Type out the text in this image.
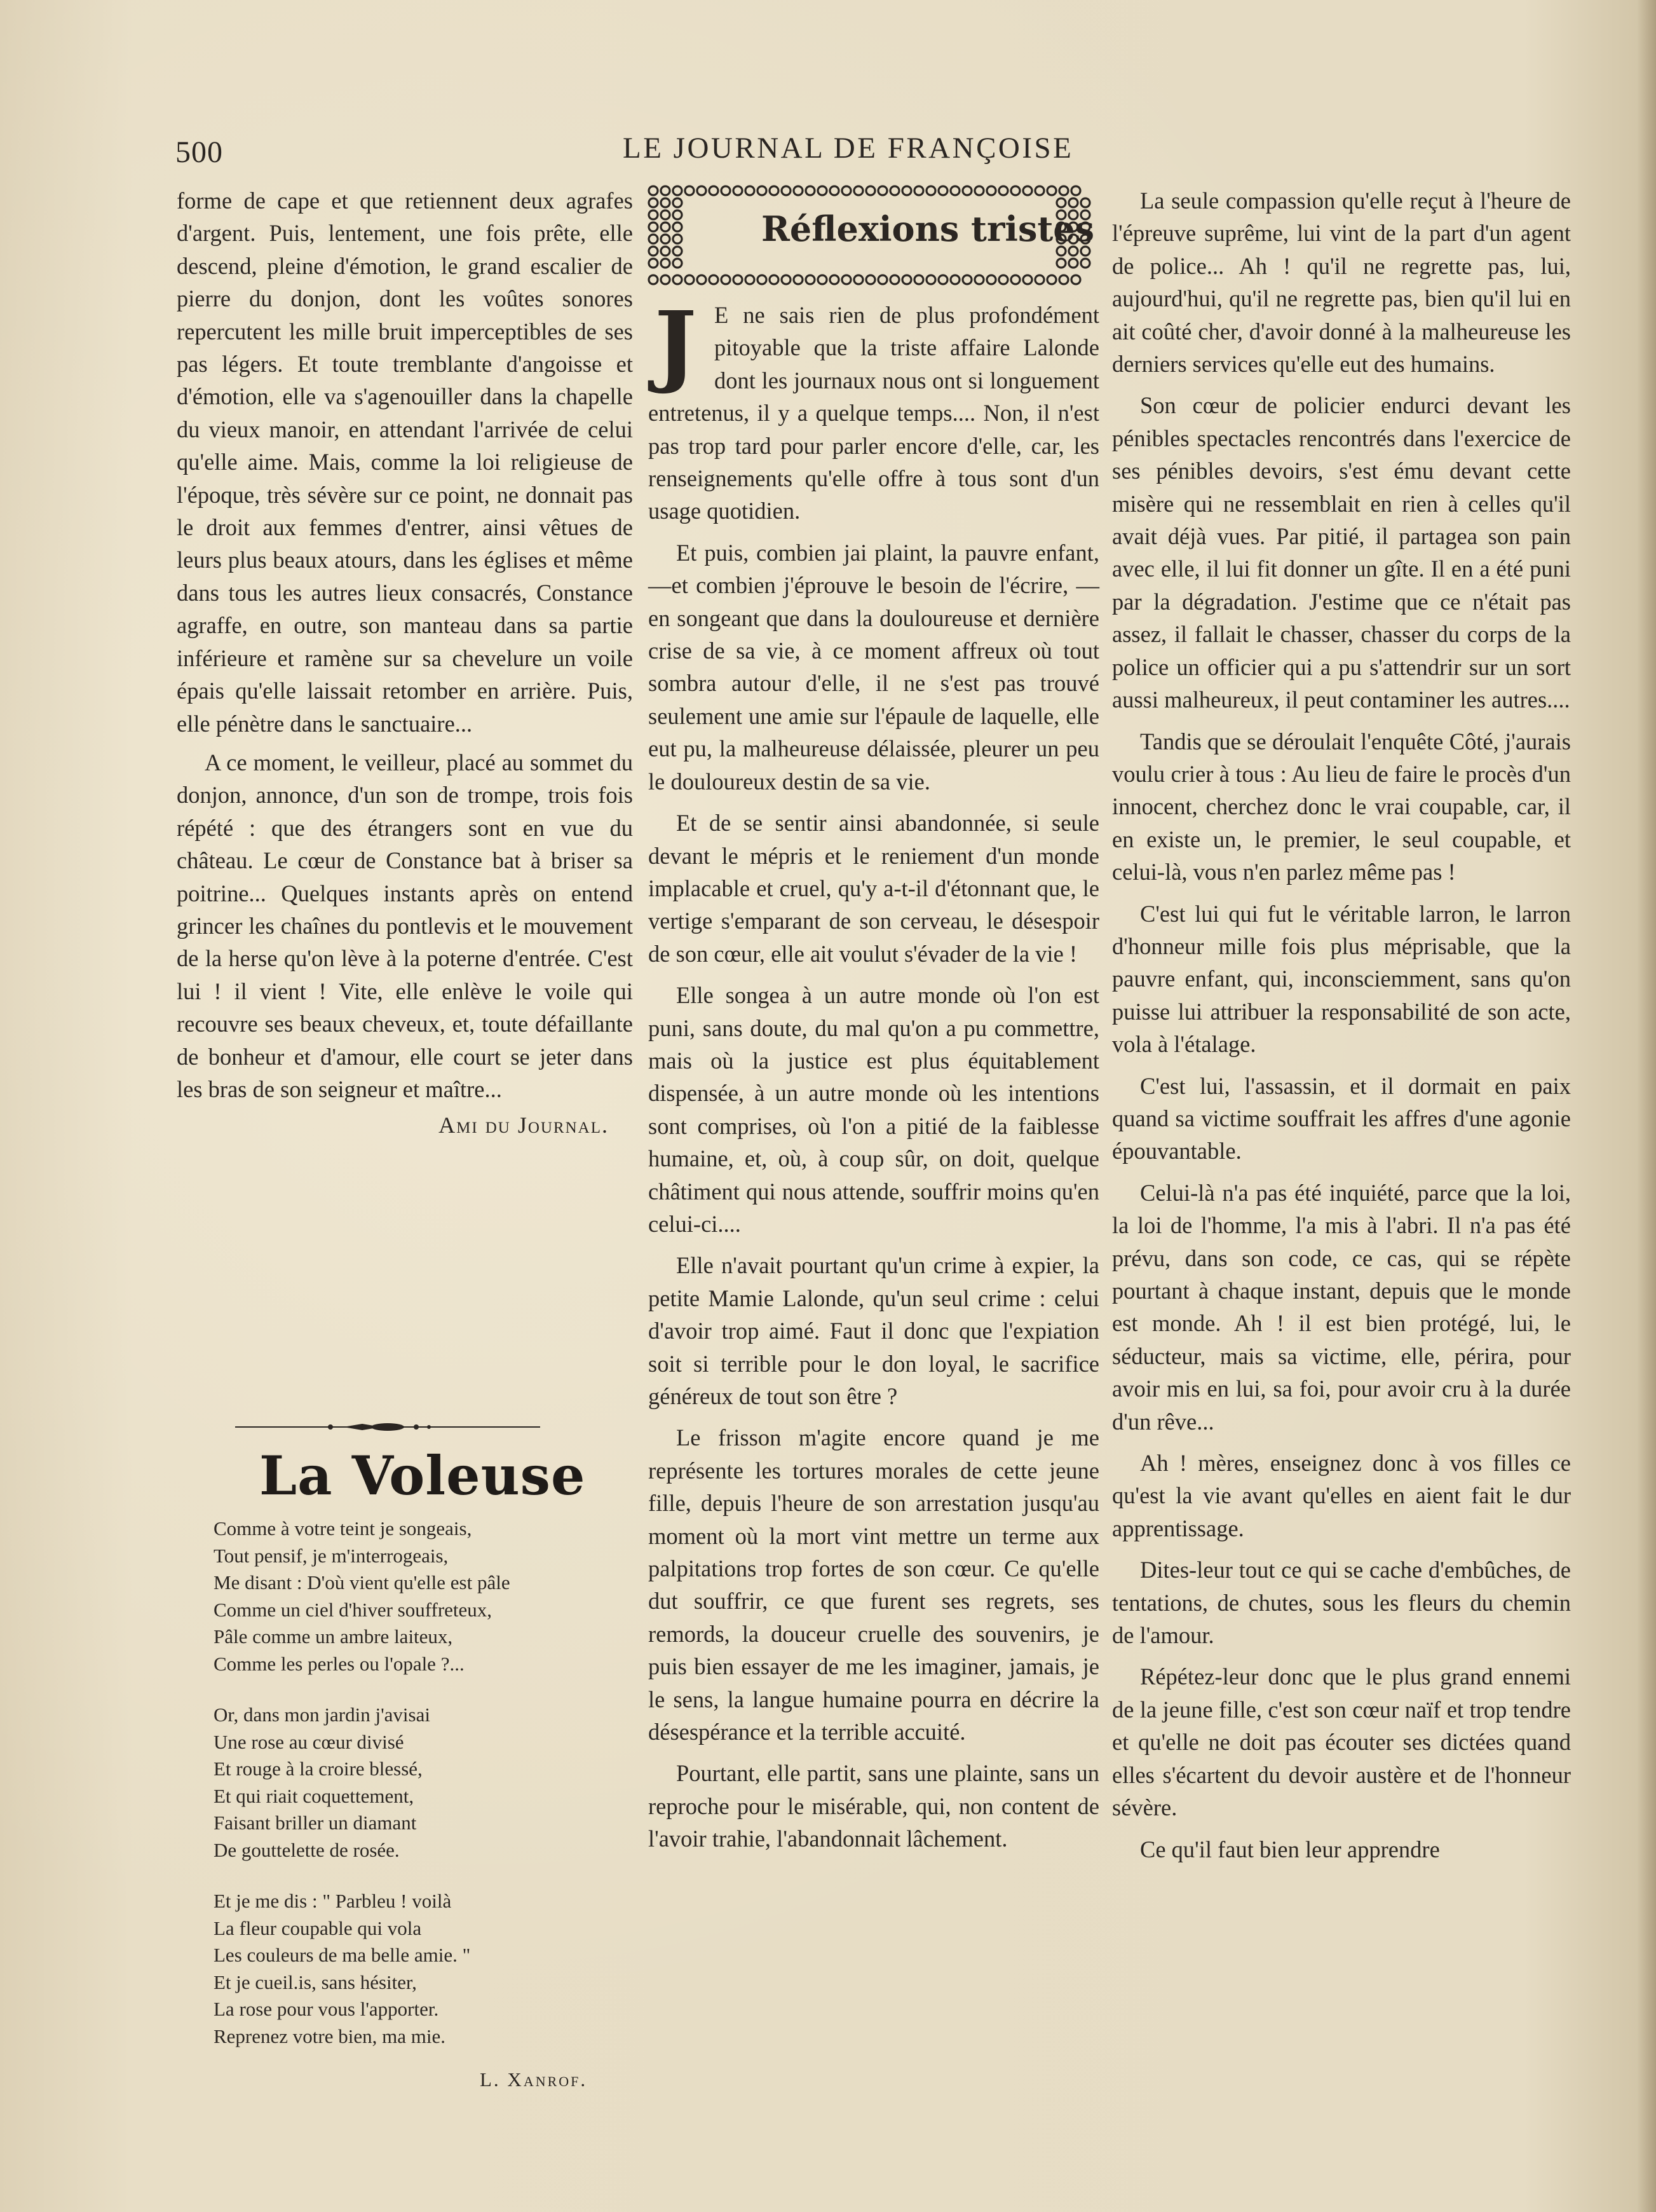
500	LE JOURNAL DE FRANÇOISE

forme de cape et que retiennent deux agrafes d'argent. Puis, lentement, une fois prête, elle descend, pleine d'émotion, le grand escalier de pierre du donjon, dont les voûtes sonores repercutent les mille bruit imperceptibles de ses pas légers. Et toute tremblante d'angoisse et d'émotion, elle va s'agenouiller dans la chapelle du vieux manoir, en attendant l'arrivée de celui qu'elle aime. Mais, comme la loi religieuse de l'époque, très sévère sur ce point, ne donnait pas le droit aux femmes d'entrer, ainsi vêtues de leurs plus beaux atours, dans les églises et même dans tous les autres lieux consacrés, Constance agraffe, en outre, son manteau dans sa partie inférieure et ramène sur sa chevelure un voile épais qu'elle laissait retomber en arrière. Puis, elle pénètre dans le sanctuaire...

A ce moment, le veilleur, placé au sommet du donjon, annonce, d'un son de trompe, trois fois répété : que des étrangers sont en vue du château. Le cœur de Constance bat à briser sa poitrine... Quelques instants après on entend grincer les chaînes du pontlevis et le mouvement de la herse qu'on lève à la poterne d'entrée. C'est lui ! il vient ! Vite, elle enlève le voile qui recouvre ses beaux cheveux, et, toute défaillante de bonheur et d'amour, elle court se jeter dans les bras de son seigneur et maître...

Ami du Journal.
La Voleuse
Comme à votre teint je songeais,
Tout pensif, je m'interrogeais,
Me disant : D'où vient qu'elle est pâle
Comme un ciel d'hiver souffreteux,
Pâle comme un ambre laiteux,
Comme les perles ou l'opale ?...
Or, dans mon jardin j'avisai
Une rose au cœur divisé
Et rouge à la croire blessé,
Et qui riait coquettement,
Faisant briller un diamant
De gouttelette de rosée.
Et je me dis : " Parbleu ! voilà
La fleur coupable qui vola
Les couleurs de ma belle amie. "
Et je cueil.is, sans hésiter,
La rose pour vous l'apporter.
Reprenez votre bien, ma mie.
L. Xanrof.
Réflexions tristes

J E ne sais rien de plus profondément pitoyable que la triste affaire Lalonde dont les journaux nous ont si longuement entretenus, il y a quelque temps.... Non, il n'est pas trop tard pour parler encore d'elle, car, les renseignements qu'elle offre à tous sont d'un usage quotidien.

Et puis, combien jai plaint, la pauvre enfant,—et combien j'éprouve le besoin de l'écrire, —en songeant que dans la douloureuse et dernière crise de sa vie, à ce moment affreux où tout sombra autour d'elle, il ne s'est pas trouvé seulement une amie sur l'épaule de laquelle, elle eut pu, la malheureuse délaissée, pleurer un peu le douloureux destin de sa vie.

Et de se sentir ainsi abandonnée, si seule devant le mépris et le reniement d'un monde implacable et cruel, qu'y a-t-il d'étonnant que, le vertige s'emparant de son cerveau, le désespoir de son cœur, elle ait voulut s'évader de la vie !

Elle songea à un autre monde où l'on est puni, sans doute, du mal qu'on a pu commettre, mais où la justice est plus équitablement dispensée, à un autre monde où les intentions sont comprises, où l'on a pitié de la faiblesse humaine, et, où, à coup sûr, on doit, quelque châtiment qui nous attende, souffrir moins qu'en celui-ci....

Elle n'avait pourtant qu'un crime à expier, la petite Mamie Lalonde, qu'un seul crime : celui d'avoir trop aimé. Faut il donc que l'expiation soit si terrible pour le don loyal, le sacrifice généreux de tout son être ?

Le frisson m'agite encore quand je me représente les tortures morales de cette jeune fille, depuis l'heure de son arrestation jusqu'au moment où la mort vint mettre un terme aux palpitations trop fortes de son cœur. Ce qu'elle dut souffrir, ce que furent ses regrets, ses remords, la douceur cruelle des souvenirs, je puis bien essayer de me les imaginer, jamais, je le sens, la langue humaine pourra en décrire la désespérance et la terrible accuité.

Pourtant, elle partit, sans une plainte, sans un reproche pour le misérable, qui, non content de l'avoir trahie, l'abandonnait lâchement.

La seule compassion qu'elle reçut à l'heure de l'épreuve suprême, lui vint de la part d'un agent de police... Ah ! qu'il ne regrette pas, lui, aujourd'hui, qu'il ne regrette pas, bien qu'il lui en ait coûté cher, d'avoir donné à la malheureuse les derniers services qu'elle eut des humains.

Son cœur de policier endurci devant les pénibles spectacles rencontrés dans l'exercice de ses pénibles devoirs, s'est ému devant cette misère qui ne ressemblait en rien à celles qu'il avait déjà vues. Par pitié, il partagea son pain avec elle, il lui fit donner un gîte. Il en a été puni par la dégradation. J'estime que ce n'était pas assez, il fallait le chasser, chasser du corps de la police un officier qui a pu s'attendrir sur un sort aussi malheureux, il peut contaminer les autres....

Tandis que se déroulait l'enquête Côté, j'aurais voulu crier à tous : Au lieu de faire le procès d'un innocent, cherchez donc le vrai coupable, car, il en existe un, le premier, le seul coupable, et celui-là, vous n'en parlez même pas !

C'est lui qui fut le véritable larron, le larron d'honneur mille fois plus méprisable, que la pauvre enfant, qui, inconsciemment, sans qu'on puisse lui attribuer la responsabilité de son acte, vola à l'étalage.

C'est lui, l'assassin, et il dormait en paix quand sa victime souffrait les affres d'une agonie épouvantable.

Celui-là n'a pas été inquiété, parce que la loi, la loi de l'homme, l'a mis à l'abri. Il n'a pas été prévu, dans son code, ce cas, qui se répète pourtant à chaque instant, depuis que le monde est monde. Ah ! il est bien protégé, lui, le séducteur, mais sa victime, elle, périra, pour avoir mis en lui, sa foi, pour avoir cru à la durée d'un rêve...

Ah ! mères, enseignez donc à vos filles ce qu'est la vie avant qu'elles en aient fait le dur apprentissage.

Dites-leur tout ce qui se cache d'embûches, de tentations, de chutes, sous les fleurs du chemin de l'amour.

Répétez-leur donc que le plus grand ennemi de la jeune fille, c'est son cœur naïf et trop tendre et qu'elle ne doit pas écouter ses dictées quand elles s'écartent du devoir austère et de l'honneur sévère.

Ce qu'il faut bien leur apprendre
